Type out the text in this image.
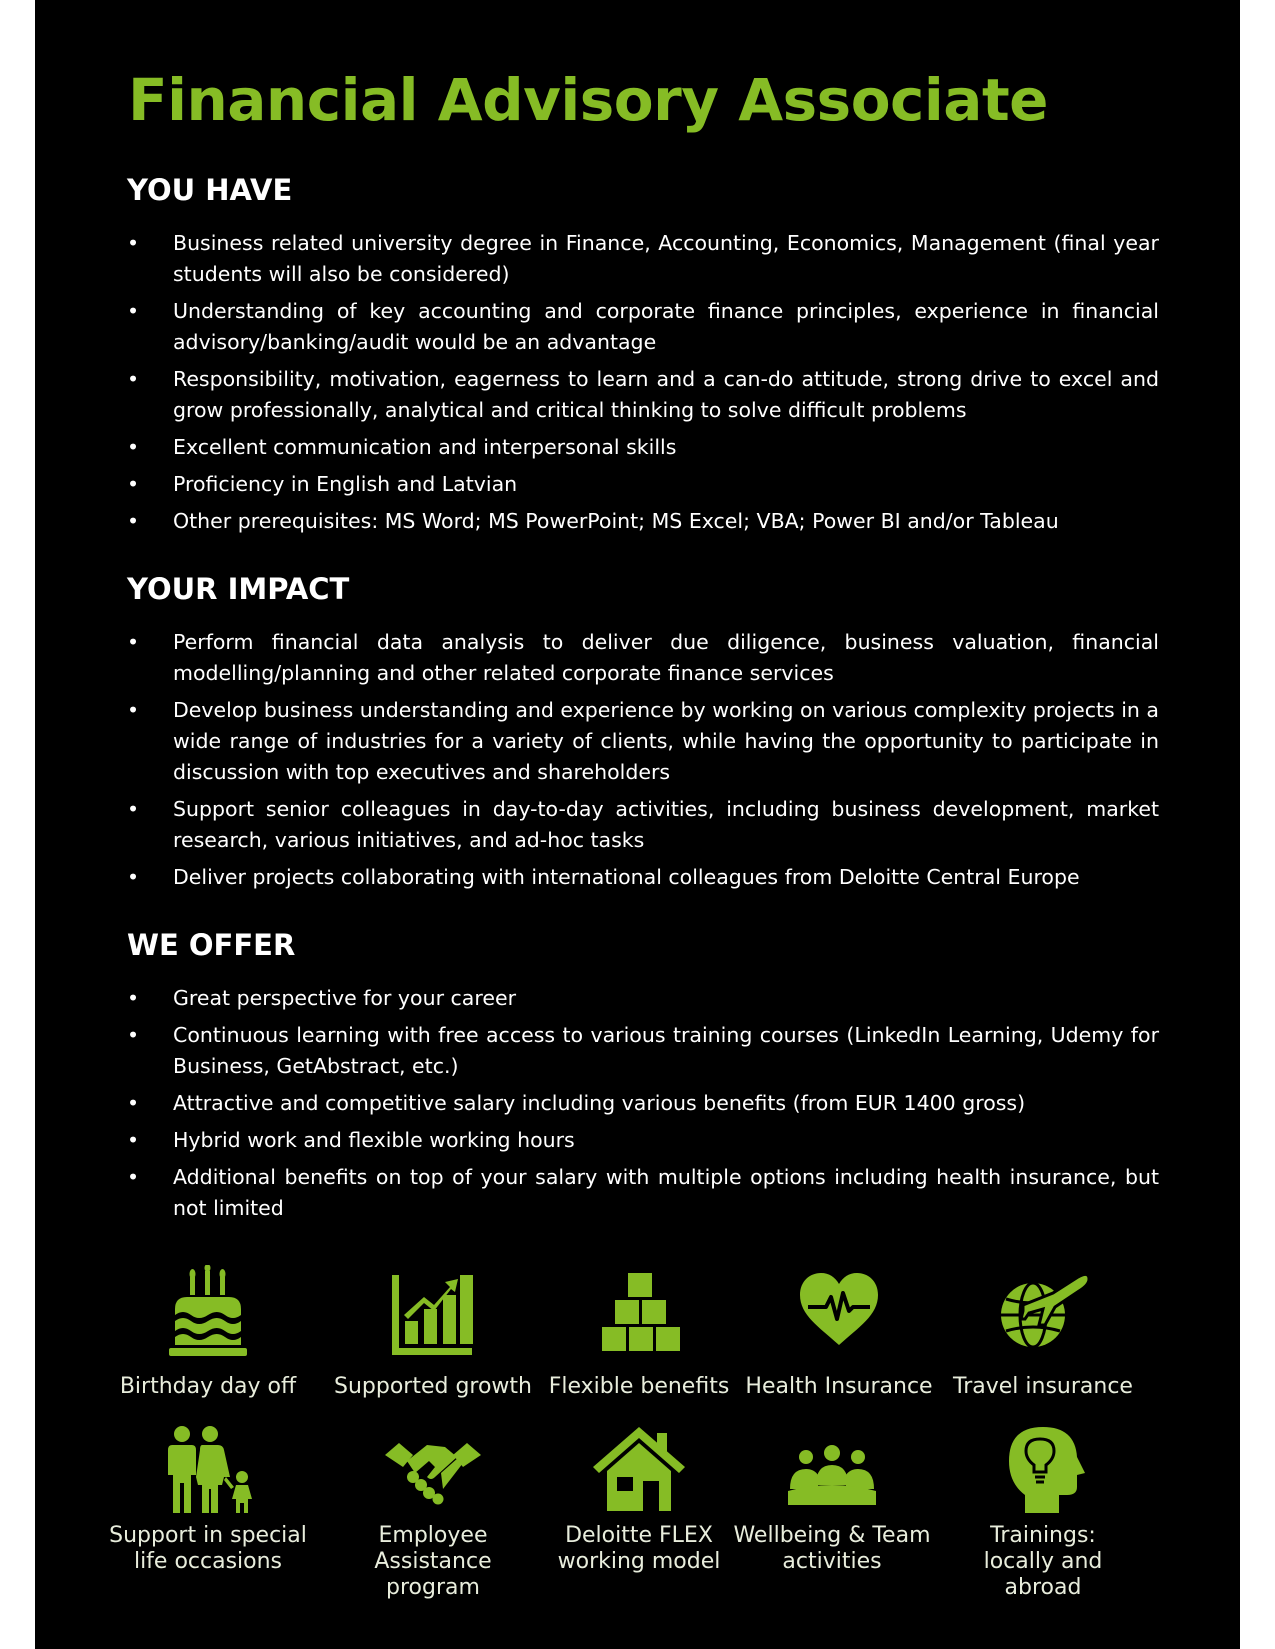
Financial Advisory Associate
YOU HAVE
• Business related university degree in Finance, Accounting, Economics, Management (final year students will also be considered)
• Understanding of key accounting and corporate finance principles, experience in financial advisory/banking/audit would be an advantage
• Responsibility, motivation, eagerness to learn and a can-do attitude, strong drive to excel and grow professionally, analytical and critical thinking to solve difficult problems
• Excellent communication and interpersonal skills
• Proficiency in English and Latvian
• Other prerequisites: MS Word; MS PowerPoint; MS Excel; VBA; Power BI and/or Tableau
YOUR IMPACT
• Perform financial data analysis to deliver due diligence, business valuation, financial modelling/planning and other related corporate finance services
• Develop business understanding and experience by working on various complexity projects in a wide range of industries for a variety of clients, while having the opportunity to participate in discussion with top executives and shareholders
• Support senior colleagues in day-to-day activities, including business development, market research, various initiatives, and ad-hoc tasks
• Deliver projects collaborating with international colleagues from Deloitte Central Europe
WE OFFER
• Great perspective for your career
• Continuous learning with free access to various training courses (LinkedIn Learning, Udemy for Business, GetAbstract, etc.)
• Attractive and competitive salary including various benefits (from EUR 1400 gross)
• Hybrid work and flexible working hours
• Additional benefits on top of your salary with multiple options including health insurance, but not limited
Birthday day off	Supported growth Flexible benefits Health Insurance Travel insurance
Support in special
life occasions
Employee Assistance
program
Deloitte FLEX
working model
Wellbeing & Team
activities
Trainings:
locally and abroad
